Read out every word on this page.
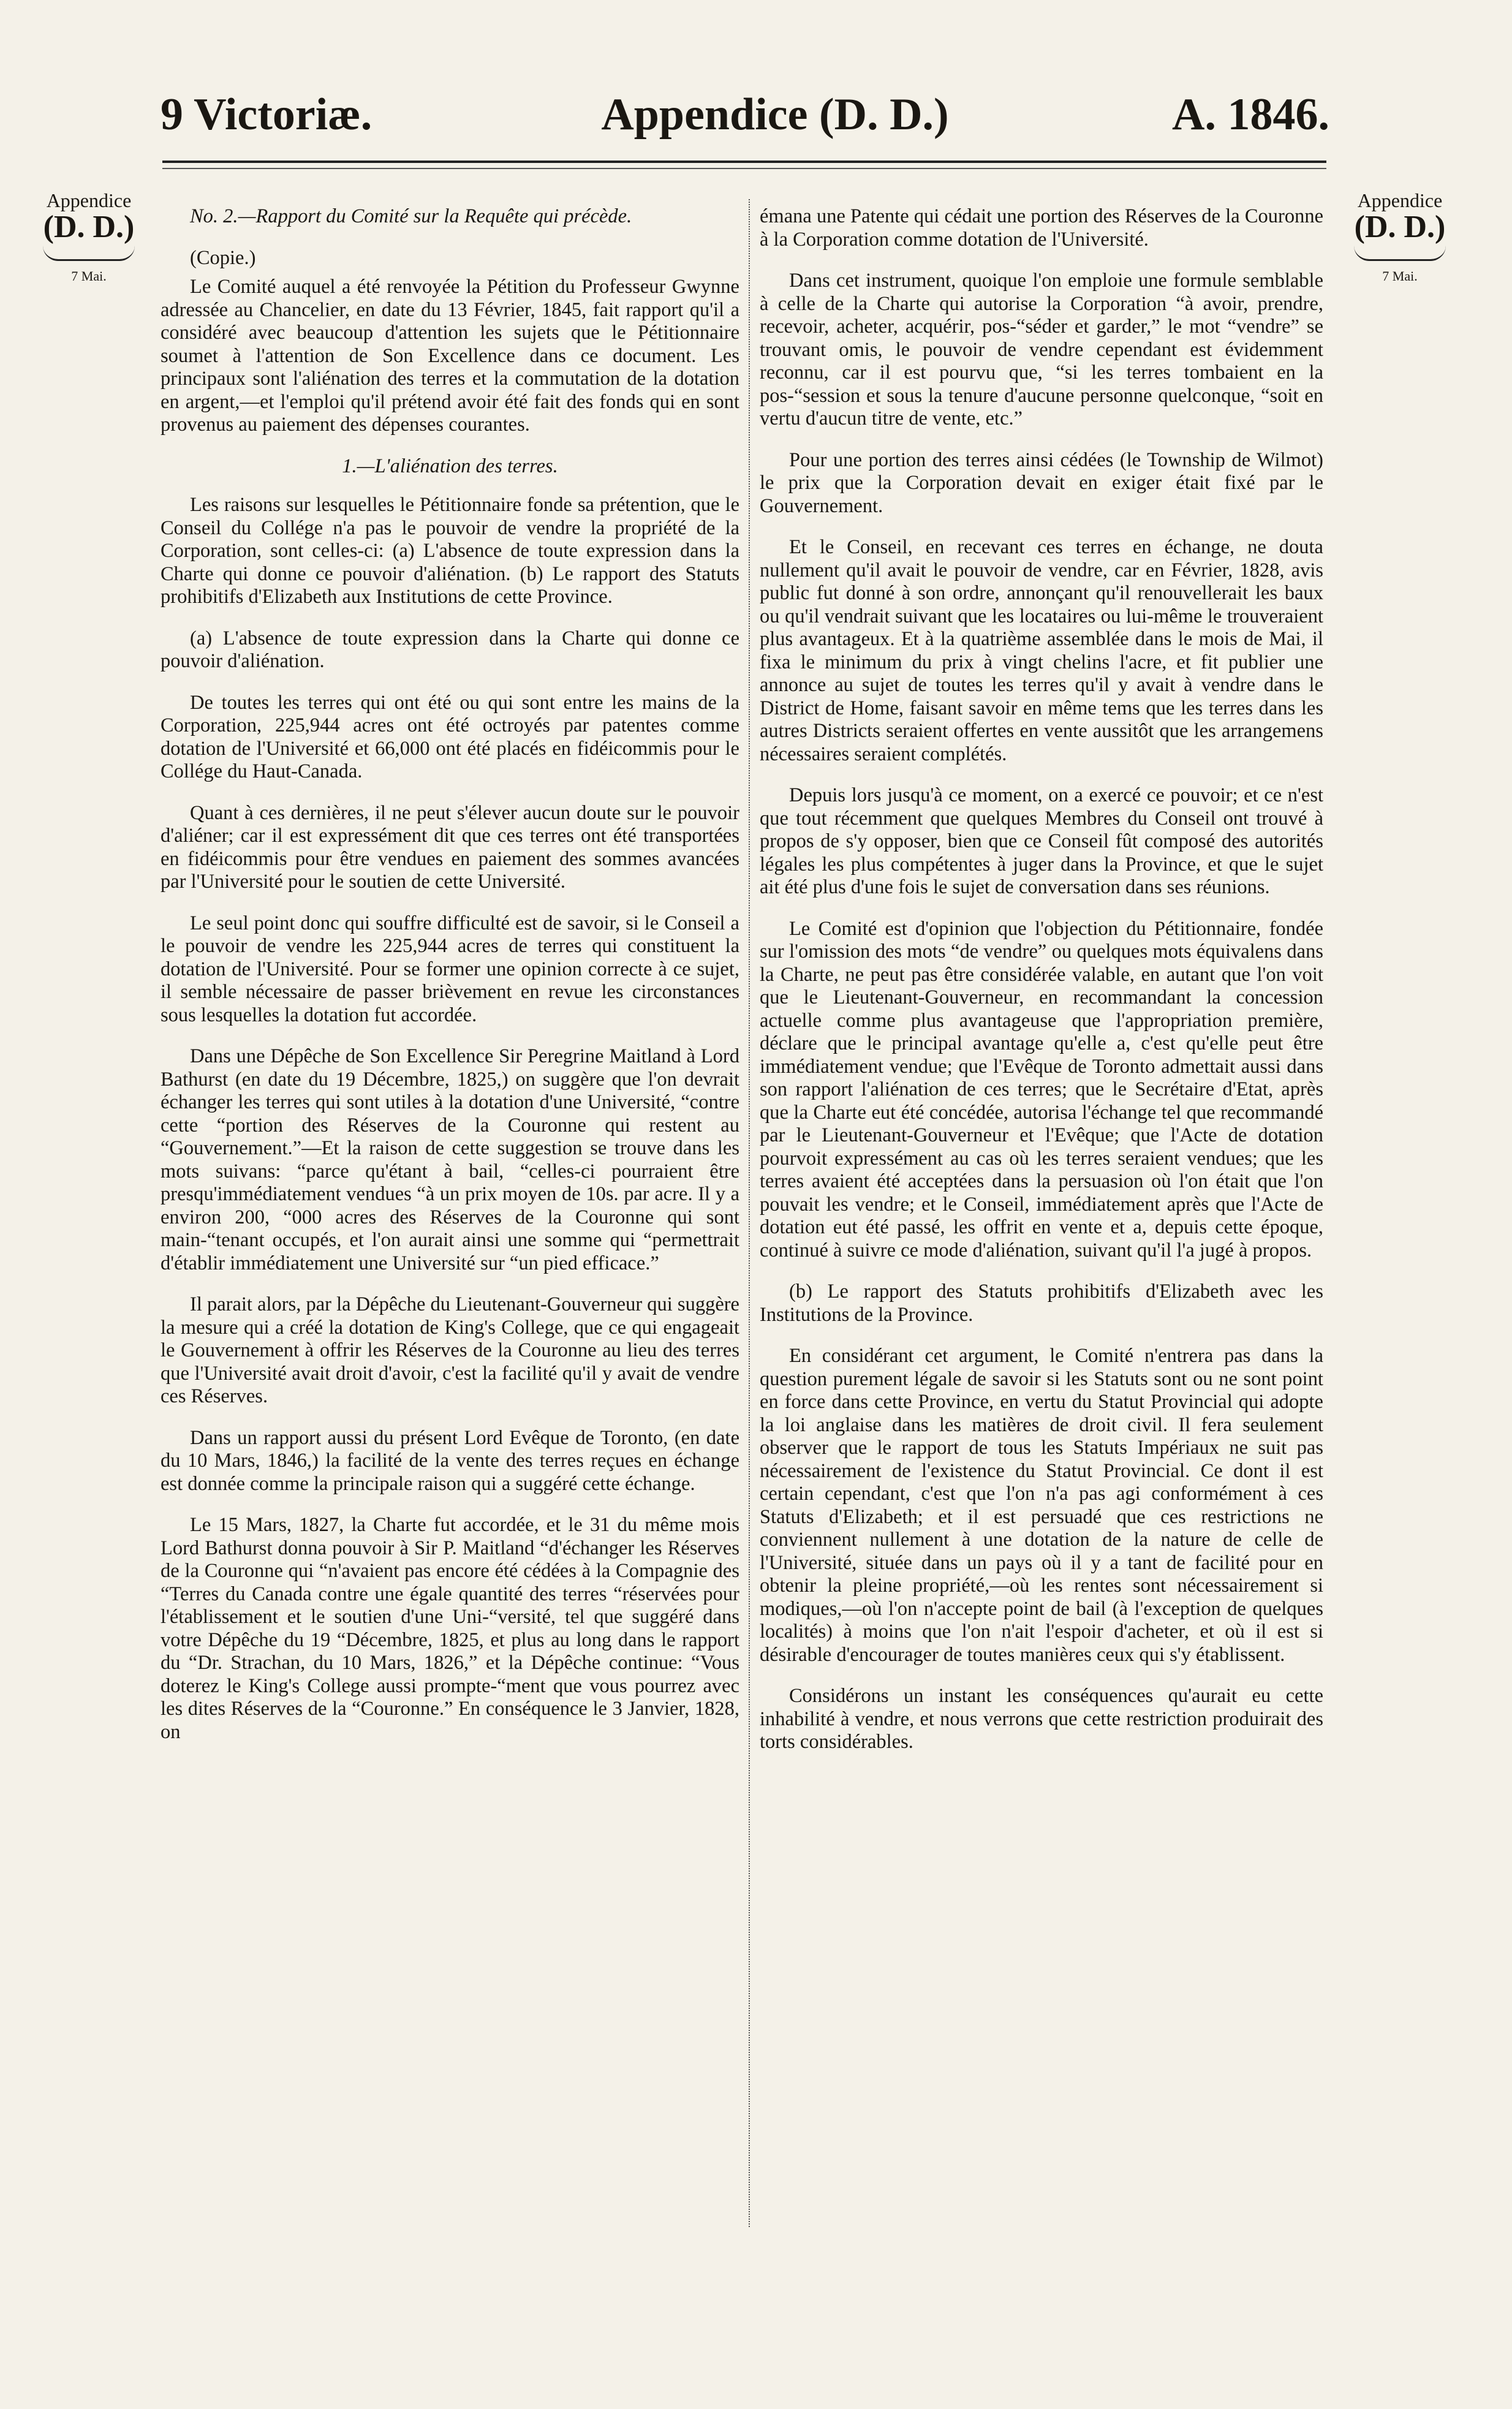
9 Victoriæ.	Appendice (D. D.)	A. 1846.
Appendice
(D. D.)
7 Mai.
Appendice
(D. D.)
7 Mai.

No. 2.—Rapport du Comité sur la Requête qui précède.

(Copie.)

Le Comité auquel a été renvoyée la Pétition du Professeur Gwynne adressée au Chancelier, en date du 13 Février, 1845, fait rapport qu'il a considéré avec beaucoup d'attention les sujets que le Pétitionnaire soumet à l'attention de Son Excellence dans ce document. Les principaux sont l'aliénation des terres et la commutation de la dotation en argent,—et l'emploi qu'il prétend avoir été fait des fonds qui en sont provenus au paiement des dépenses courantes.

1.—L'aliénation des terres.

Les raisons sur lesquelles le Pétitionnaire fonde sa prétention, que le Conseil du Collége n'a pas le pouvoir de vendre la propriété de la Corporation, sont celles-ci: (a) L'absence de toute expression dans la Charte qui donne ce pouvoir d'aliénation. (b) Le rapport des Statuts prohibitifs d'Elizabeth aux Institutions de cette Province.

(a) L'absence de toute expression dans la Charte qui donne ce pouvoir d'aliénation.

De toutes les terres qui ont été ou qui sont entre les mains de la Corporation, 225,944 acres ont été octroyés par patentes comme dotation de l'Université et 66,000 ont été placés en fidéicommis pour le Collége du Haut-Canada.

Quant à ces dernières, il ne peut s'élever aucun doute sur le pouvoir d'aliéner; car il est expressément dit que ces terres ont été transportées en fidéicommis pour être vendues en paiement des sommes avancées par l'Université pour le soutien de cette Université.

Le seul point donc qui souffre difficulté est de savoir, si le Conseil a le pouvoir de vendre les 225,944 acres de terres qui constituent la dotation de l'Université. Pour se former une opinion correcte à ce sujet, il semble nécessaire de passer brièvement en revue les circonstances sous lesquelles la dotation fut accordée.

Dans une Dépêche de Son Excellence Sir Peregrine Maitland à Lord Bathurst (en date du 19 Décembre, 1825,) on suggère que l'on devrait échanger les terres qui sont utiles à la dotation d'une Université, “contre cette “portion des Réserves de la Couronne qui restent au “Gouvernement.”—Et la raison de cette suggestion se trouve dans les mots suivans: “parce qu'étant à bail, “celles-ci pourraient être presqu'immédiatement vendues “à un prix moyen de 10s. par acre. Il y a environ 200, “000 acres des Réserves de la Couronne qui sont main-“tenant occupés, et l'on aurait ainsi une somme qui “permettrait d'établir immédiatement une Université sur “un pied efficace.”

Il parait alors, par la Dépêche du Lieutenant-Gouverneur qui suggère la mesure qui a créé la dotation de King's College, que ce qui engageait le Gouvernement à offrir les Réserves de la Couronne au lieu des terres que l'Université avait droit d'avoir, c'est la facilité qu'il y avait de vendre ces Réserves.

Dans un rapport aussi du présent Lord Evêque de Toronto, (en date du 10 Mars, 1846,) la facilité de la vente des terres reçues en échange est donnée comme la principale raison qui a suggéré cette échange.

Le 15 Mars, 1827, la Charte fut accordée, et le 31 du même mois Lord Bathurst donna pouvoir à Sir P. Maitland “d'échanger les Réserves de la Couronne qui “n'avaient pas encore été cédées à la Compagnie des “Terres du Canada contre une égale quantité des terres “réservées pour l'établissement et le soutien d'une Uni-“versité, tel que suggéré dans votre Dépêche du 19 “Décembre, 1825, et plus au long dans le rapport du “Dr. Strachan, du 10 Mars, 1826,” et la Dépêche continue: “Vous doterez le King's College aussi prompte-“ment que vous pourrez avec les dites Réserves de la “Couronne.” En conséquence le 3 Janvier, 1828, on

émana une Patente qui cédait une portion des Réserves de la Couronne à la Corporation comme dotation de l'Université.

Dans cet instrument, quoique l'on emploie une formule semblable à celle de la Charte qui autorise la Corporation “à avoir, prendre, recevoir, acheter, acquérir, pos-“séder et garder,” le mot “vendre” se trouvant omis, le pouvoir de vendre cependant est évidemment reconnu, car il est pourvu que, “si les terres tombaient en la pos-“session et sous la tenure d'aucune personne quelconque, “soit en vertu d'aucun titre de vente, etc.”

Pour une portion des terres ainsi cédées (le Township de Wilmot) le prix que la Corporation devait en exiger était fixé par le Gouvernement.

Et le Conseil, en recevant ces terres en échange, ne douta nullement qu'il avait le pouvoir de vendre, car en Février, 1828, avis public fut donné à son ordre, annonçant qu'il renouvellerait les baux ou qu'il vendrait suivant que les locataires ou lui-même le trouveraient plus avantageux. Et à la quatrième assemblée dans le mois de Mai, il fixa le minimum du prix à vingt chelins l'acre, et fit publier une annonce au sujet de toutes les terres qu'il y avait à vendre dans le District de Home, faisant savoir en même tems que les terres dans les autres Districts seraient offertes en vente aussitôt que les arrangemens nécessaires seraient complétés.

Depuis lors jusqu'à ce moment, on a exercé ce pouvoir; et ce n'est que tout récemment que quelques Membres du Conseil ont trouvé à propos de s'y opposer, bien que ce Conseil fût composé des autorités légales les plus compétentes à juger dans la Province, et que le sujet ait été plus d'une fois le sujet de conversation dans ses réunions.

Le Comité est d'opinion que l'objection du Pétitionnaire, fondée sur l'omission des mots “de vendre” ou quelques mots équivalens dans la Charte, ne peut pas être considérée valable, en autant que l'on voit que le Lieutenant-Gouverneur, en recommandant la concession actuelle comme plus avantageuse que l'appropriation première, déclare que le principal avantage qu'elle a, c'est qu'elle peut être immédiatement vendue; que l'Evêque de Toronto admettait aussi dans son rapport l'aliénation de ces terres; que le Secrétaire d'Etat, après que la Charte eut été concédée, autorisa l'échange tel que recommandé par le Lieutenant-Gouverneur et l'Evêque; que l'Acte de dotation pourvoit expressément au cas où les terres seraient vendues; que les terres avaient été acceptées dans la persuasion où l'on était que l'on pouvait les vendre; et le Conseil, immédiatement après que l'Acte de dotation eut été passé, les offrit en vente et a, depuis cette époque, continué à suivre ce mode d'aliénation, suivant qu'il l'a jugé à propos.

(b) Le rapport des Statuts prohibitifs d'Elizabeth avec les Institutions de la Province.

En considérant cet argument, le Comité n'entrera pas dans la question purement légale de savoir si les Statuts sont ou ne sont point en force dans cette Province, en vertu du Statut Provincial qui adopte la loi anglaise dans les matières de droit civil. Il fera seulement observer que le rapport de tous les Statuts Impériaux ne suit pas nécessairement de l'existence du Statut Provincial. Ce dont il est certain cependant, c'est que l'on n'a pas agi conformément à ces Statuts d'Elizabeth; et il est persuadé que ces restrictions ne conviennent nullement à une dotation de la nature de celle de l'Université, située dans un pays où il y a tant de facilité pour en obtenir la pleine propriété,—où les rentes sont nécessairement si modiques,—où l'on n'accepte point de bail (à l'exception de quelques localités) à moins que l'on n'ait l'espoir d'acheter, et où il est si désirable d'encourager de toutes manières ceux qui s'y établissent.

Considérons un instant les conséquences qu'aurait eu cette inhabilité à vendre, et nous verrons que cette restriction produirait des torts considérables.
